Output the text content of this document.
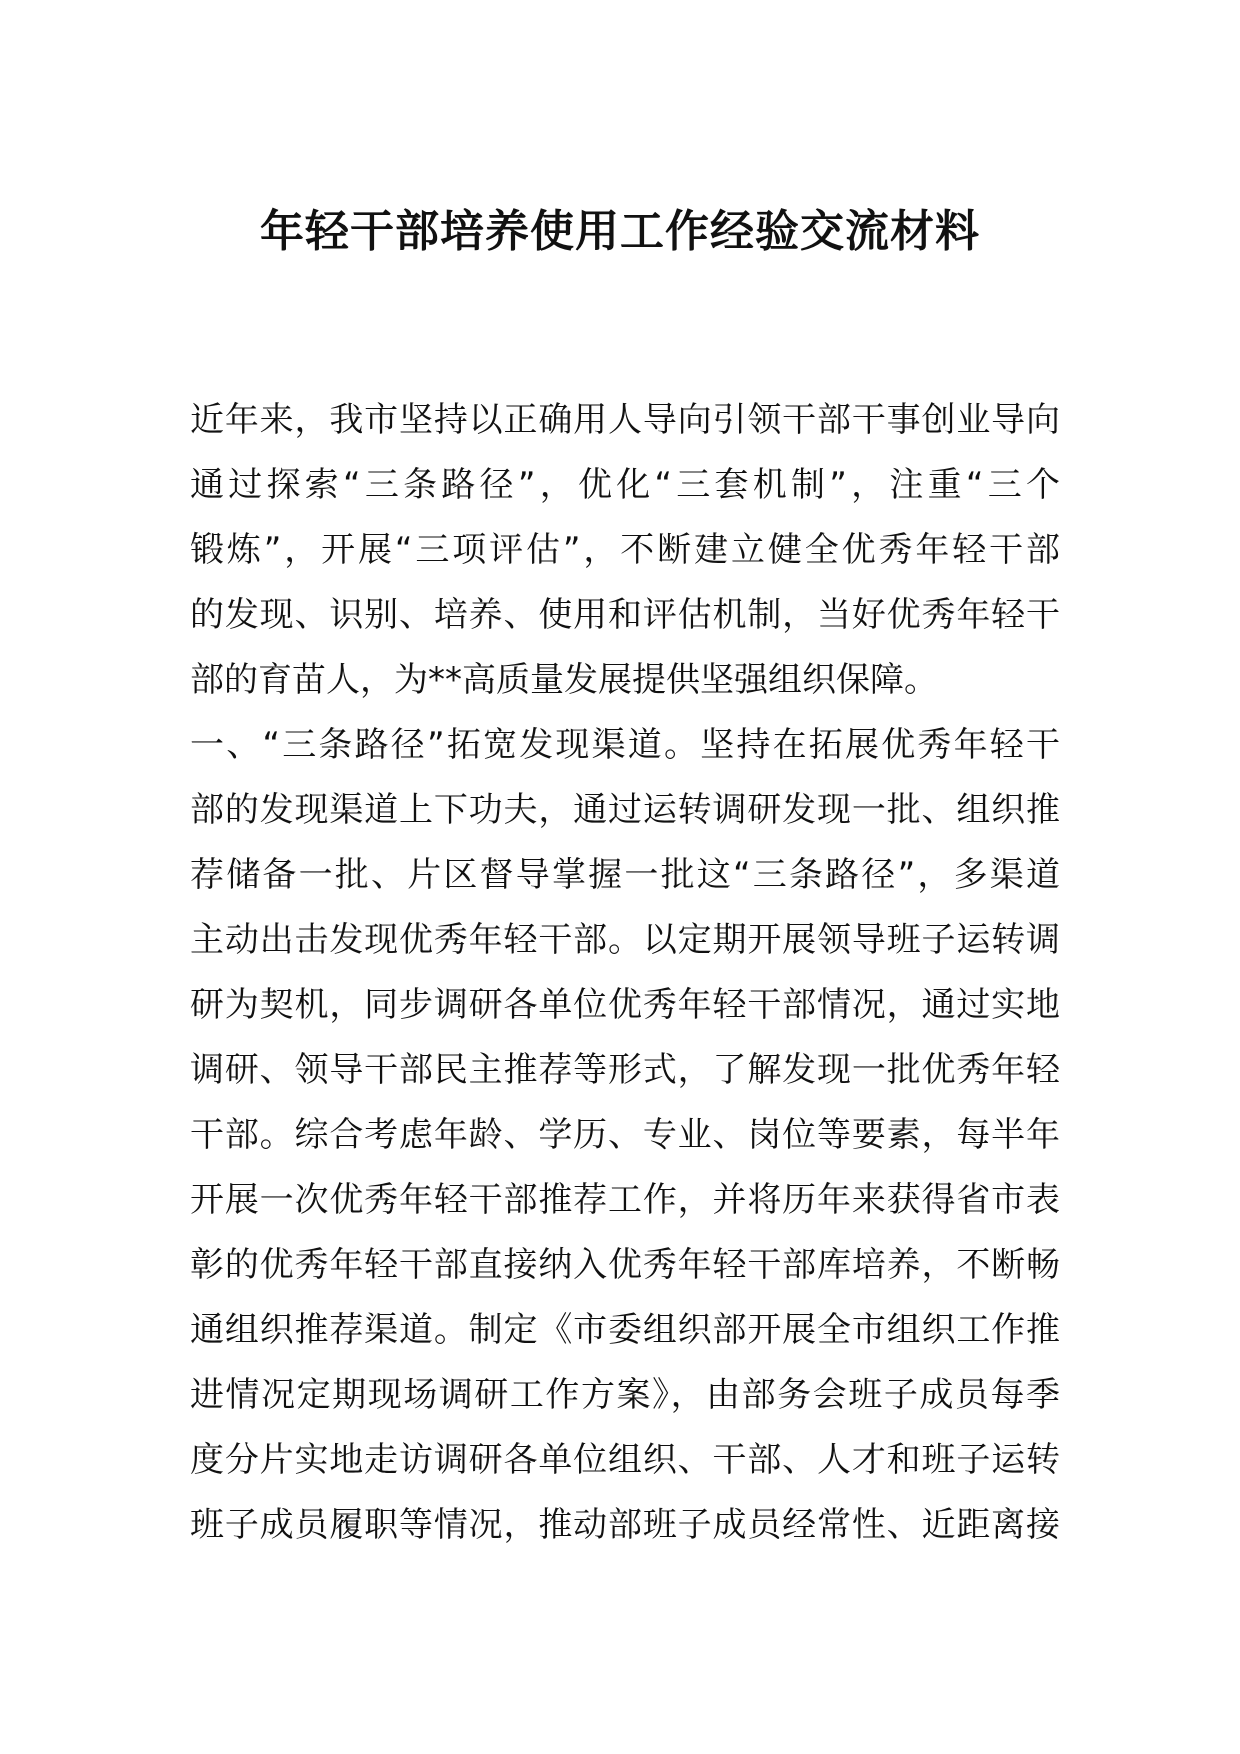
年轻干部培养使用工作经验交流材料
近年来，我市坚持以正确用人导向引领干部干事创业导向
通过探索“三条路径”，优化“三套机制”，注重“三个
锻炼”，开展“三项评估”，不断建立健全优秀年轻干部
的发现、识别、培养、使用和评估机制，当好优秀年轻干
部的育苗人，为**高质量发展提供坚强组织保障。
一、“三条路径”拓宽发现渠道。坚持在拓展优秀年轻干
部的发现渠道上下功夫，通过运转调研发现一批、组织推
荐储备一批、片区督导掌握一批这“三条路径”，多渠道
主动出击发现优秀年轻干部。以定期开展领导班子运转调
研为契机，同步调研各单位优秀年轻干部情况，通过实地
调研、领导干部民主推荐等形式，了解发现一批优秀年轻
干部。综合考虑年龄、学历、专业、岗位等要素，每半年
开展一次优秀年轻干部推荐工作，并将历年来获得省市表
彰的优秀年轻干部直接纳入优秀年轻干部库培养，不断畅
通组织推荐渠道。制定《市委组织部开展全市组织工作推
进情况定期现场调研工作方案》，由部务会班子成员每季
度分片实地走访调研各单位组织、干部、人才和班子运转
班子成员履职等情况，推动部班子成员经常性、近距离接
